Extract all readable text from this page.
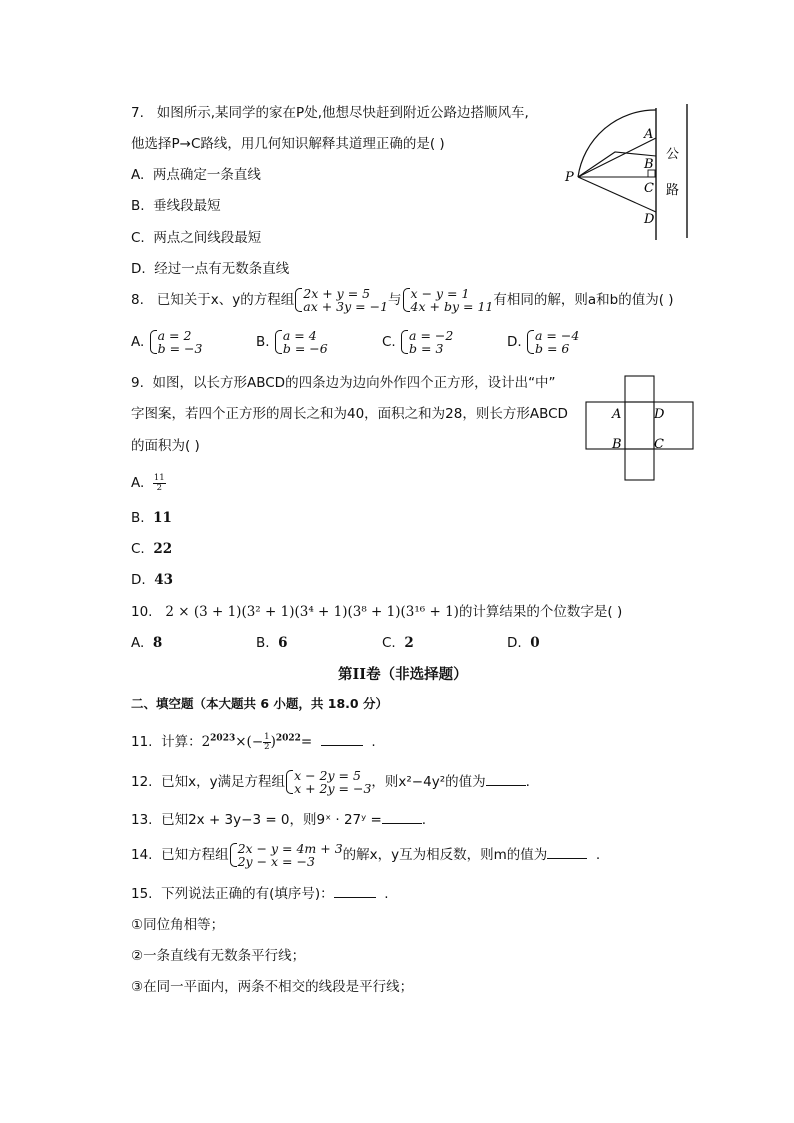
7. 如图所示,某同学的家在P处,他想尽快赶到附近公路边搭顺风车,
他选择P→C路线，用几何知识解释其道理正确的是( )
A. 两点确定一条直线
B. 垂线段最短
C. 两点之间线段最短
D. 经过一点有无数条直线
P
A
B
C
D
公
路
8. 已知关于x、y的方程组 2x + y = 5
ax + 3y = −1 与 x − y = 1
4x + by = 11 有相同的解，则a和b的值为( )
A. a = 2
b = −3	B. a = 4
b = −6	C. a = −2
b = 3	D. a = −4
b = 6
9. 如图，以长方形ABCD的四条边为边向外作四个正方形，设计出“中”
字图案，若四个正方形的周长之和为40，面积之和为28，则长方形ABCD
的面积为( )
A. $\frac{11}{2}$
B. 11
C. 22
D. 43
A	D
B C
10. 2 × (3 + 1)(3² + 1)(3⁴ + 1)(3⁸ + 1)(3¹⁶ + 1)的计算结果的个位数字是( )
A. 8	B. 6	C. 2	D. 0
第II卷（非选择题）
二、填空题（本大题共 6 小题，共 18.0 分）
11. 计算：$2^{2023}\times(- \frac{1}{2} )^{2022}=$	.
12. 已知x，y满足方程组 x − 2y = 5
x + 2y = −3 ，则x²−4y²的值为	.
13. 已知2x + 3y−3 = 0，则9ˣ · 27ʸ =	.
14. 已知方程组 2x − y = 4m + 3
2y − x = −3	的解x，y互为相反数，则m的值为	.
15. 下列说法正确的有(填序号)：	.
①同位角相等；
②一条直线有无数条平行线；
③在同一平面内，两条不相交的线段是平行线；
